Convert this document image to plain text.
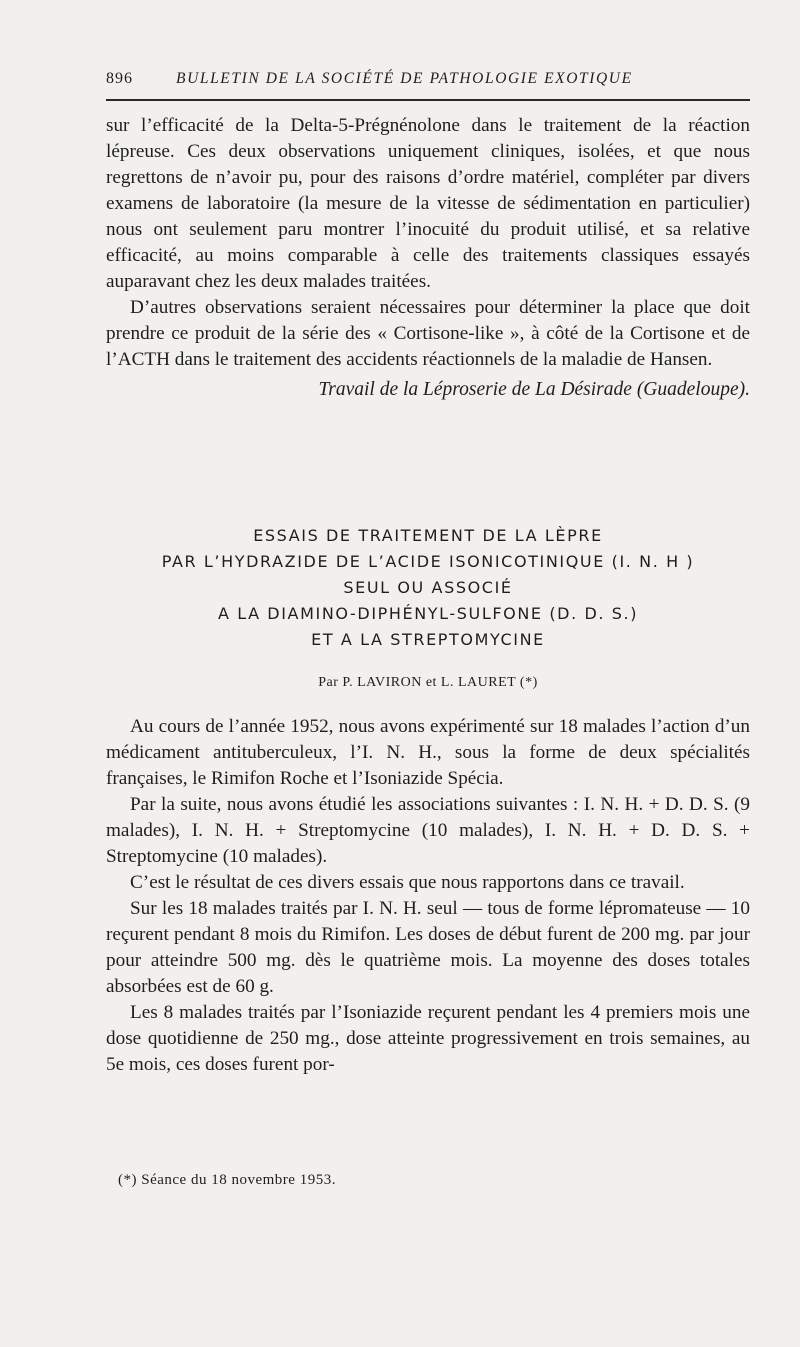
896	BULLETIN DE LA SOCIÉTÉ DE PATHOLOGIE EXOTIQUE

sur l’efficacité de la Delta-5-Prégnénolone dans le traitement de la réaction lépreuse. Ces deux observations uniquement cliniques, isolées, et que nous regrettons de n’avoir pu, pour des raisons d’ordre matériel, compléter par divers examens de laboratoire (la mesure de la vitesse de sédimentation en particulier) nous ont seulement paru montrer l’inocuité du produit utilisé, et sa relative efficacité, au moins comparable à celle des traitements classiques essayés auparavant chez les deux malades traitées.

D’autres observations seraient nécessaires pour déterminer la place que doit prendre ce produit de la série des « Cortisone-like », à côté de la Cortisone et de l’ACTH dans le traitement des accidents réactionnels de la maladie de Hansen.

Travail de la Léproserie de La Désirade (Guadeloupe).

ESSAIS DE TRAITEMENT DE LA LÈPRE
PAR L’HYDRAZIDE DE L’ACIDE ISONICOTINIQUE (I. N. H )
SEUL OU ASSOCIÉ
A LA DIAMINO-DIPHÉNYL-SULFONE (D. D. S.)
ET A LA STREPTOMYCINE
Par P. LAVIRON et L. LAURET (*)

Au cours de l’année 1952, nous avons expérimenté sur 18 malades l’action d’un médicament antituberculeux, l’I. N. H., sous la forme de deux spécialités françaises, le Rimifon Roche et l’Isoniazide Spécia.

Par la suite, nous avons étudié les associations suivantes : I. N. H. + D. D. S. (9 malades), I. N. H. + Streptomycine (10 malades), I. N. H. + D. D. S. + Streptomycine (10 malades).

C’est le résultat de ces divers essais que nous rapportons dans ce travail.

Sur les 18 malades traités par I. N. H. seul — tous de forme lépromateuse — 10 reçurent pendant 8 mois du Rimifon. Les doses de début furent de 200 mg. par jour pour atteindre 500 mg. dès le quatrième mois. La moyenne des doses totales absorbées est de 60 g.

Les 8 malades traités par l’Isoniazide reçurent pendant les 4 premiers mois une dose quotidienne de 250 mg., dose atteinte progressivement en trois semaines, au 5e mois, ces doses furent por-

(*) Séance du 18 novembre 1953.
